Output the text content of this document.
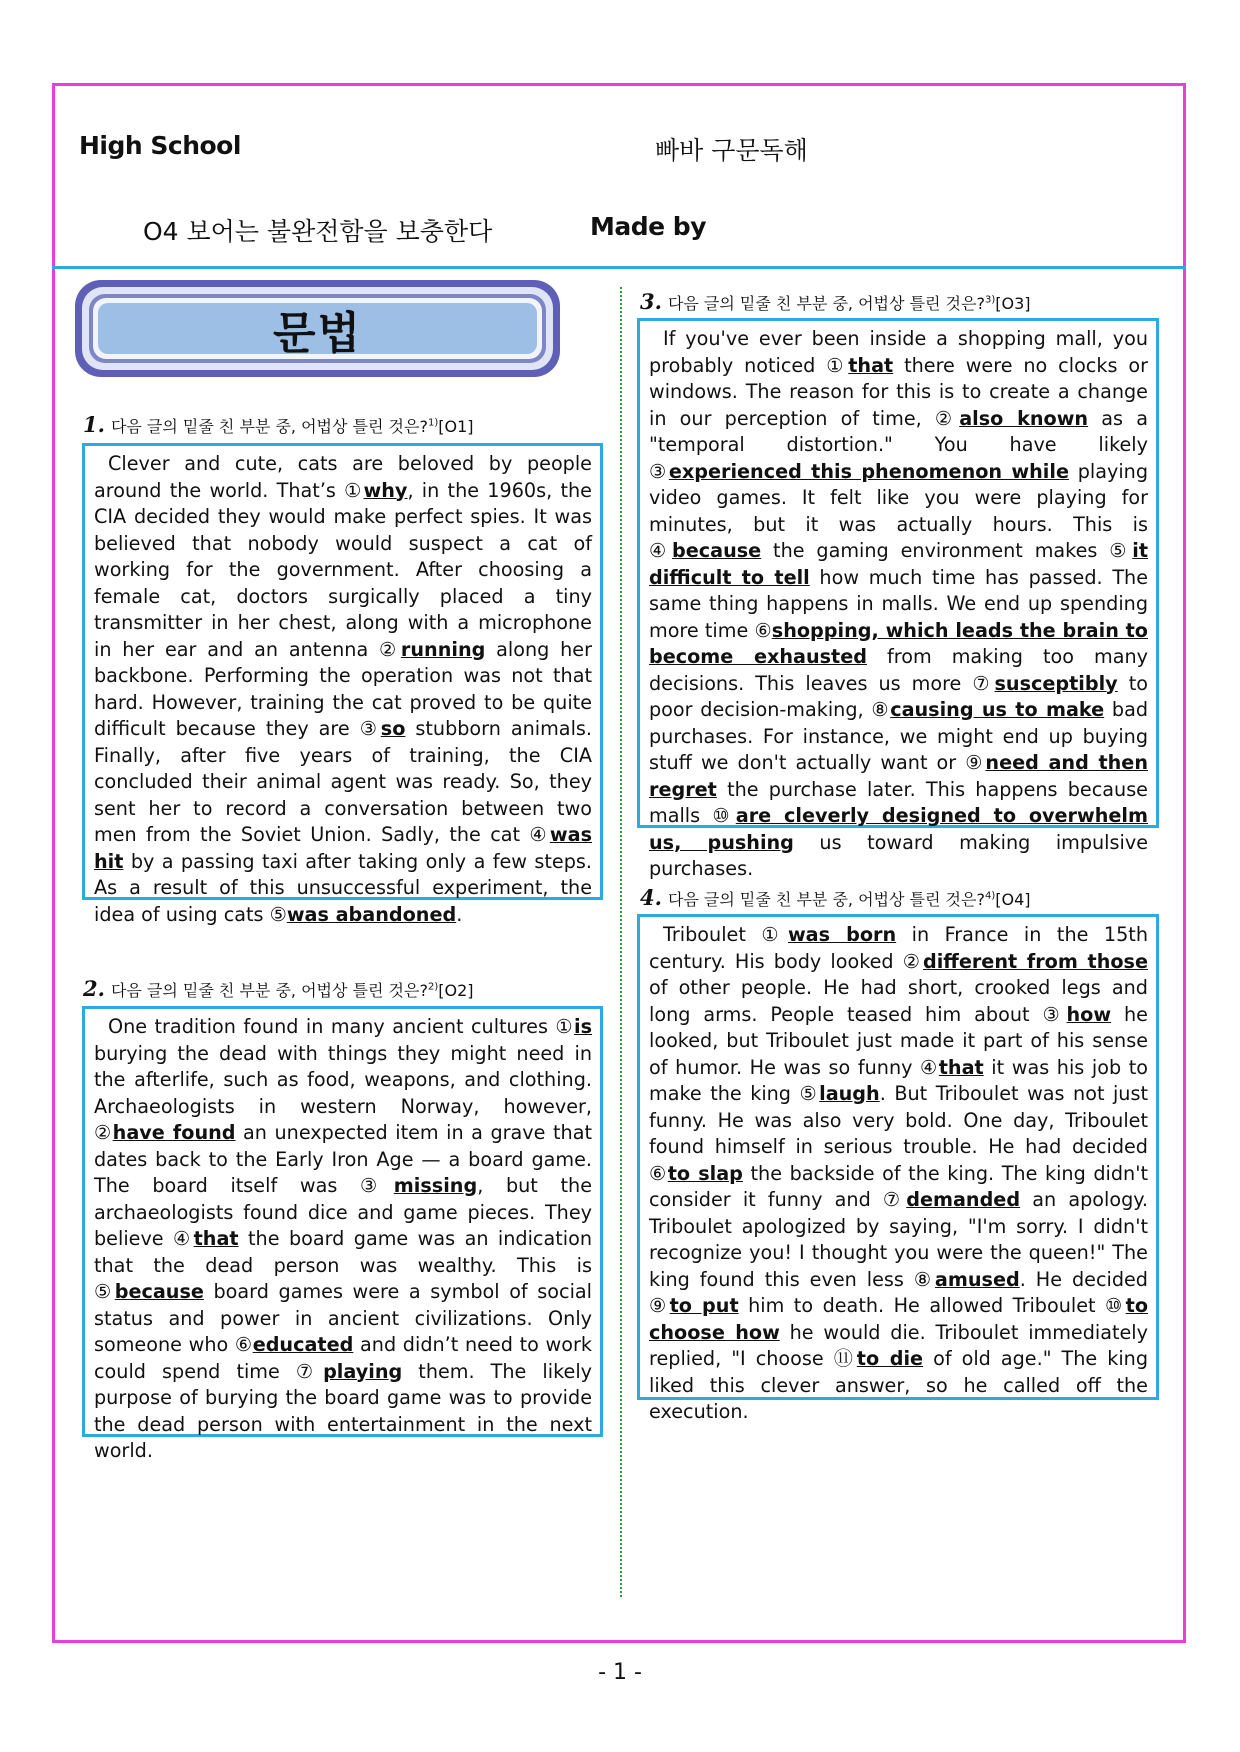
High School	빠바 구문독해
O4 보어는 불완전함을 보충한다	Made by
문법
1. 다음 글의 밑줄 친 부분 중, 어법상 틀린 것은?$^{1)}$[O1]

Clever and cute, cats are beloved by people around the world. That’s ①why, in the 1960s, the CIA decided they would make perfect spies. It was believed that nobody would suspect a cat of working for the government. After choosing a female cat, doctors surgically placed a tiny transmitter in her chest, along with a microphone in her ear and an antenna ②running along her backbone. Performing the operation was not that hard. However, training the cat proved to be quite difficult because they are ③so stubborn animals. Finally, after five years of training, the CIA concluded their animal agent was ready. So, they sent her to record a conversation between two men from the Soviet Union. Sadly, the cat ④was hit by a passing taxi after taking only a few steps. As a result of this unsuccessful experiment, the idea of using cats ⑤was abandoned.

2. 다음 글의 밑줄 친 부분 중, 어법상 틀린 것은?$^{2)}$[O2]

One tradition found in many ancient cultures ①is burying the dead with things they might need in the afterlife, such as food, weapons, and clothing. Archaeologists in western Norway, however, ②have found an unexpected item in a grave that dates back to the Early Iron Age — a board game. The board itself was ③missing, but the archaeologists found dice and game pieces. They believe ④that the board game was an indication that the dead person was wealthy. This is ⑤because board games were a symbol of social status and power in ancient civilizations. Only someone who ⑥educated and didn’t need to work could spend time ⑦playing them. The likely purpose of burying the board game was to provide the dead person with entertainment in the next world.

3. 다음 글의 밑줄 친 부분 중, 어법상 틀린 것은?$^{3)}$[O3]

If you've ever been inside a shopping mall, you probably noticed ①that there were no clocks or windows. The reason for this is to create a change in our perception of time, ②also known as a "temporal distortion." You have likely ③experienced this phenomenon while playing video games. It felt like you were playing for minutes, but it was actually hours. This is ④because the gaming environment makes ⑤it difficult to tell how much time has passed. The same thing happens in malls. We end up spending more time ⑥shopping, which leads the brain to become exhausted from making too many decisions. This leaves us more ⑦susceptibly to poor decision-making, ⑧causing us to make bad purchases. For instance, we might end up buying stuff we don't actually want or ⑨need and then regret the purchase later. This happens because malls ⑩are cleverly designed to overwhelm us, pushing us toward making impulsive purchases.

4. 다음 글의 밑줄 친 부분 중, 어법상 틀린 것은?$^{4)}$[O4]

Triboulet ①was born in France in the 15th century. His body looked ②different from those of other people. He had short, crooked legs and long arms. People teased him about ③how he looked, but Triboulet just made it part of his sense of humor. He was so funny ④that it was his job to make the king ⑤laugh. But Triboulet was not just funny. He was also very bold. One day, Triboulet found himself in serious trouble. He had decided ⑥to slap the backside of the king. The king didn't consider it funny and ⑦demanded an apology. Triboulet apologized by saying, "I'm sorry. I didn't recognize you! I thought you were the queen!" The king found this even less ⑧amused. He decided ⑨to put him to death. He allowed Triboulet ⑩to choose how he would die. Triboulet immediately replied, "I choose ⑪to die of old age." The king liked this clever answer, so he called off the execution.

- 1 -
